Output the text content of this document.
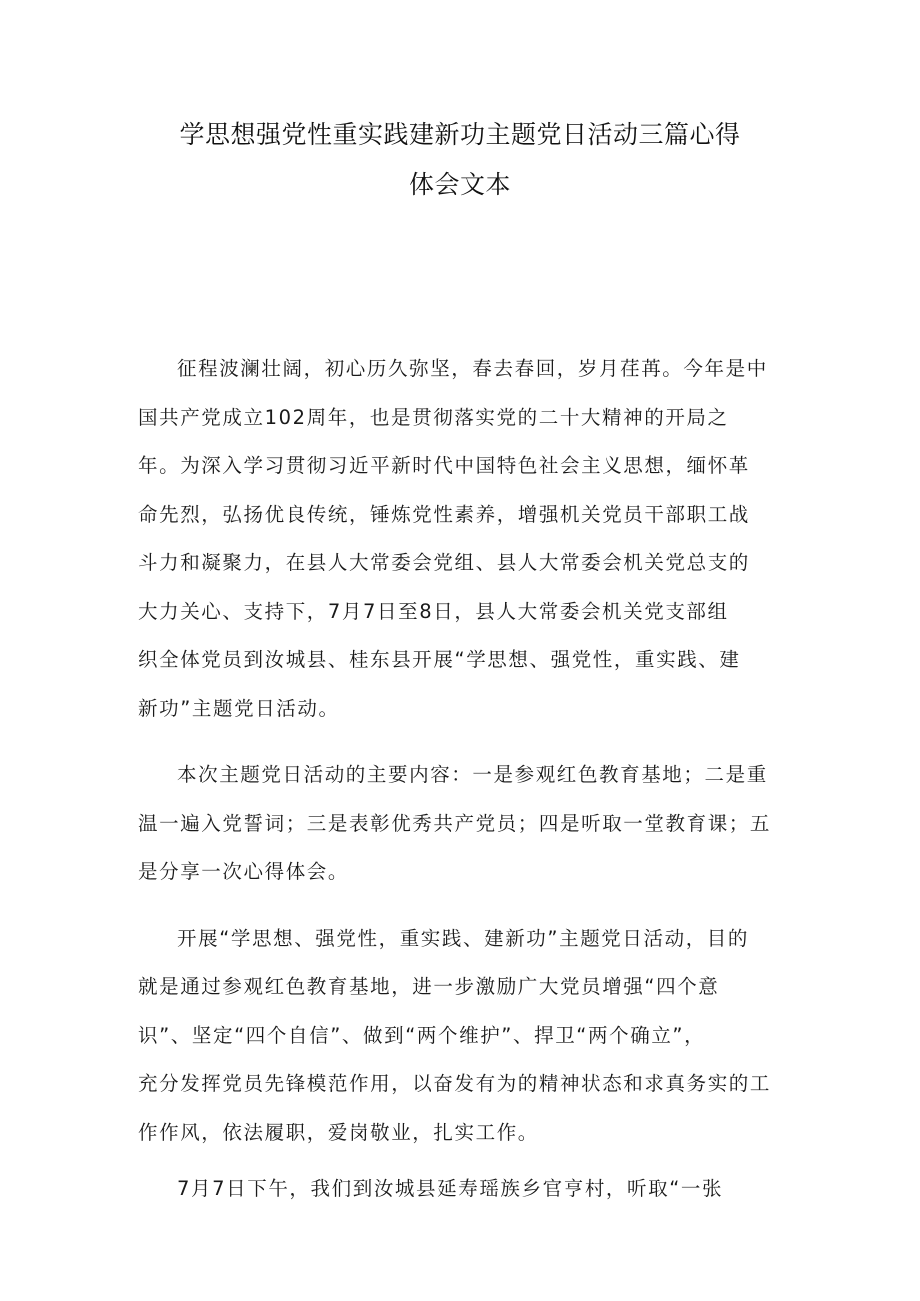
学思想强党性重实践建新功主题党日活动三篇心得
体会文本

征程波澜壮阔，初心历久弥坚，春去春回，岁月荏苒。今年是中
国共产党成立102周年，也是贯彻落实党的二十大精神的开局之
年。为深入学习贯彻习近平新时代中国特色社会主义思想，缅怀革
命先烈，弘扬优良传统，锤炼党性素养，增强机关党员干部职工战
斗力和凝聚力，在县人大常委会党组、县人大常委会机关党总支的
大力关心、支持下，7月7日至8日，县人大常委会机关党支部组
织全体党员到汝城县、桂东县开展“学思想、强党性，重实践、建
新功”主题党日活动。

本次主题党日活动的主要内容：一是参观红色教育基地；二是重
温一遍入党誓词；三是表彰优秀共产党员；四是听取一堂教育课；五
是分享一次心得体会。

开展“学思想、强党性，重实践、建新功”主题党日活动，目的
就是通过参观红色教育基地，进一步激励广大党员增强“四个意
识”、坚定“四个自信”、做到“两个维护”、捍卫“两个确立”，
充分发挥党员先锋模范作用，以奋发有为的精神状态和求真务实的工
作作风，依法履职，爱岗敬业，扎实工作。

7月7日下午，我们到汝城县延寿瑶族乡官亨村，听取“一张
